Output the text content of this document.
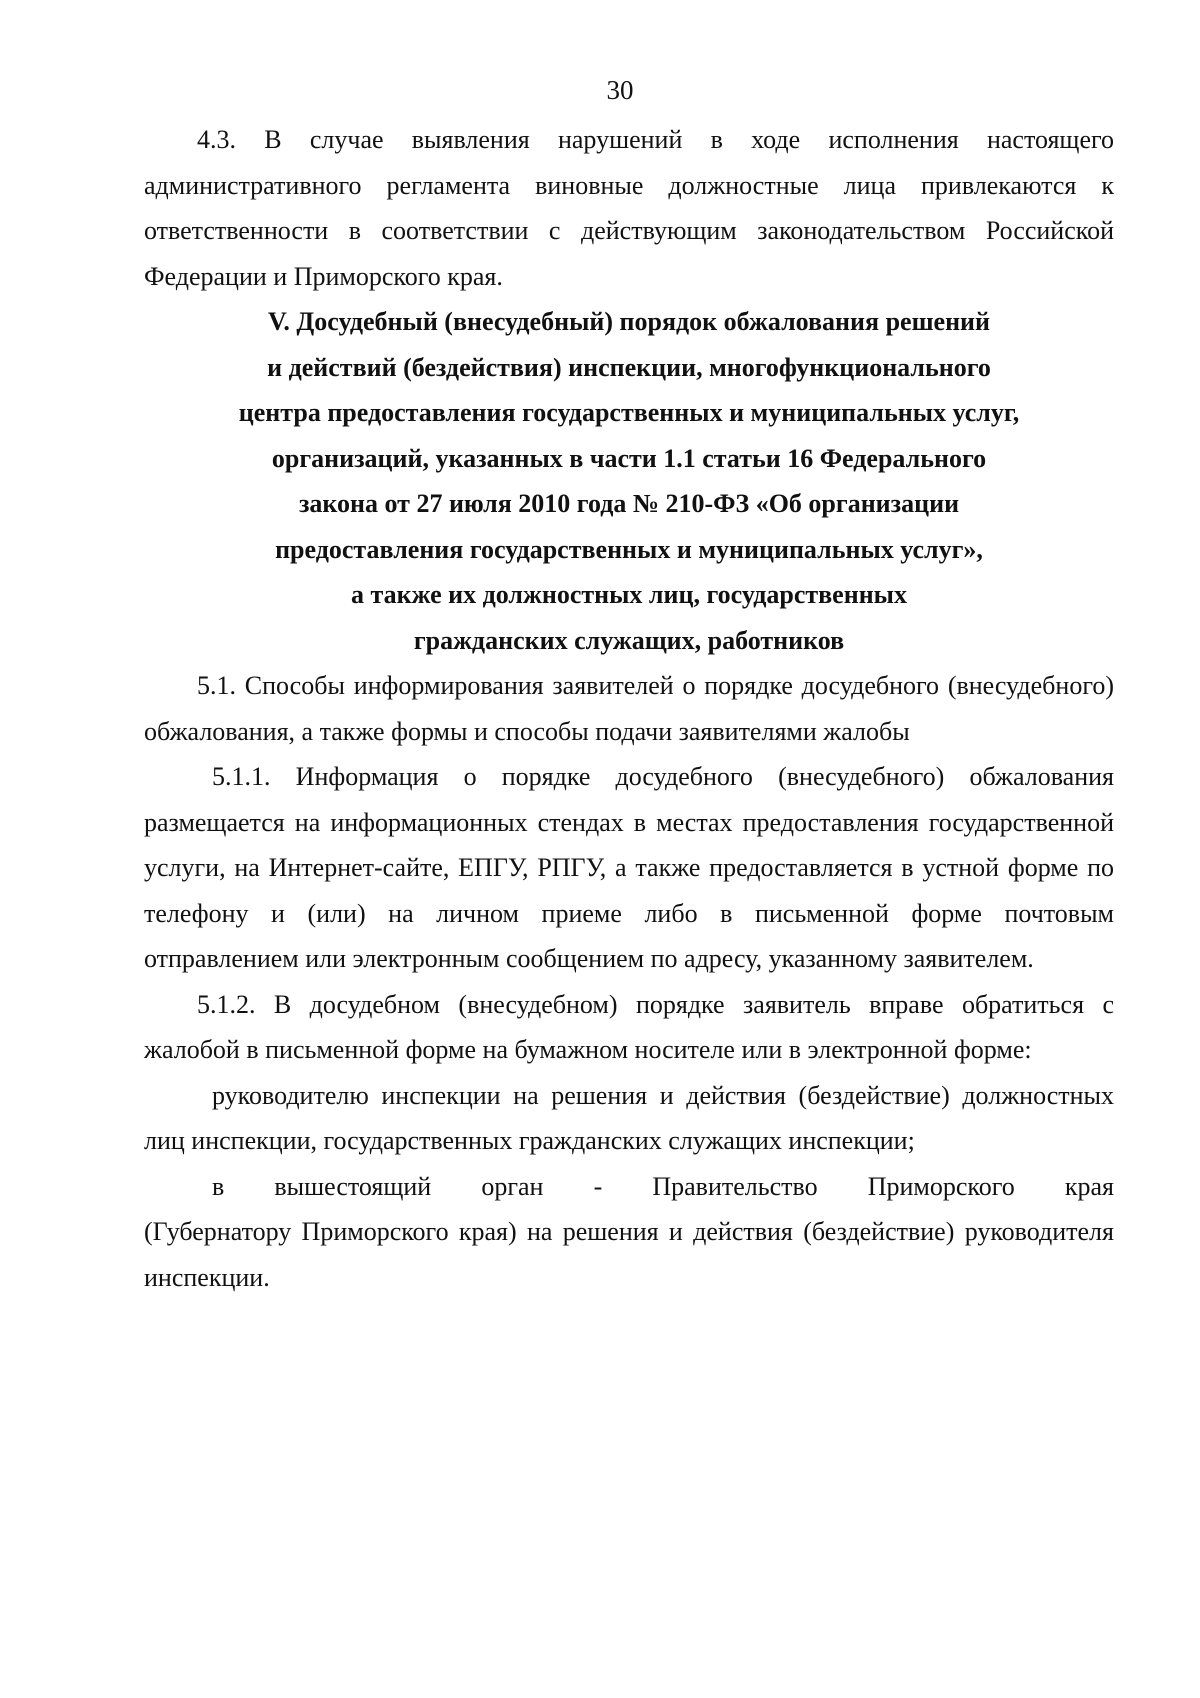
30

4.3. В случае выявления нарушений в ходе исполнения настоящего административного регламента виновные должностные лица привлекаются к ответственности в соответствии с действующим законодательством Российской Федерации и Приморского края.

V. Досудебный (внесудебный) порядок обжалования решений
и действий (бездействия) инспекции, многофункционального
центра предоставления государственных и муниципальных услуг,
организаций, указанных в части 1.1 статьи 16 Федерального
закона от 27 июля 2010 года № 210-ФЗ «Об организации
предоставления государственных и муниципальных услуг»,
а также их должностных лиц, государственных
гражданских служащих, работников

5.1. Способы информирования заявителей о порядке досудебного (внесудебного) обжалования, а также формы и способы подачи заявителями жалобы

5.1.1. Информация о порядке досудебного (внесудебного) обжалования размещается на информационных стендах в местах предоставления государственной услуги, на Интернет-сайте, ЕПГУ, РПГУ, а также предоставляется в устной форме по телефону и (или) на личном приеме либо в письменной форме почтовым отправлением или электронным сообщением по адресу, указанному заявителем.

5.1.2. В досудебном (внесудебном) порядке заявитель вправе обратиться с жалобой в письменной форме на бумажном носителе или в электронной форме:

руководителю инспекции на решения и действия (бездействие) должностных лиц инспекции, государственных гражданских служащих инспекции;

в вышестоящий орган - Правительство Приморского края

(Губернатору Приморского края) на решения и действия (бездействие) руководителя инспекции.
